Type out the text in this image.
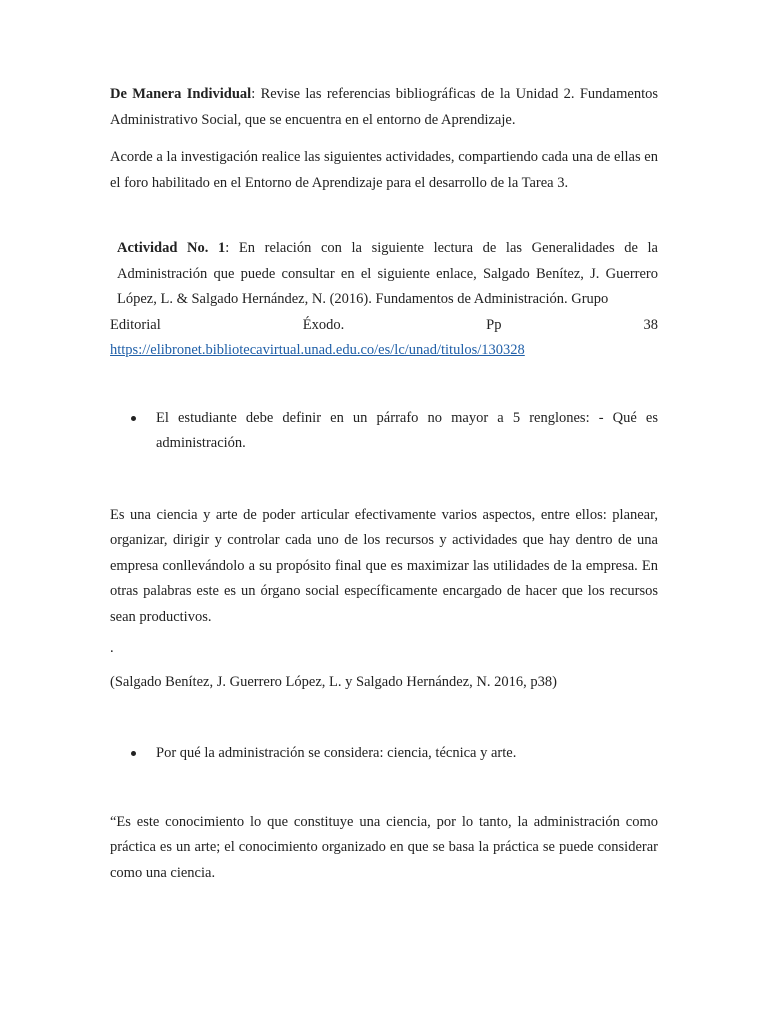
De Manera Individual: Revise las referencias bibliográficas de la Unidad 2. Fundamentos Administrativo Social, que se encuentra en el entorno de Aprendizaje.

Acorde a la investigación realice las siguientes actividades, compartiendo cada una de ellas en el foro habilitado en el Entorno de Aprendizaje para el desarrollo de la Tarea 3.

Actividad No. 1: En relación con la siguiente lectura de las Generalidades de la Administración que puede consultar en el siguiente enlace, Salgado Benítez, J. Guerrero López, L. & Salgado Hernández, N. (2016). Fundamentos de Administración. Grupo

Editorial	Éxodo.	Pp	38

https://elibronet.bibliotecavirtual.unad.edu.co/es/lc/unad/titulos/130328

El estudiante debe definir en un párrafo no mayor a 5 renglones: - Qué es administración.

Es una ciencia y arte de poder articular efectivamente varios aspectos, entre ellos: planear, organizar, dirigir y controlar cada uno de los recursos y actividades que hay dentro de una empresa conllevándolo a su propósito final que es maximizar las utilidades de la empresa. En otras palabras este es un órgano social específicamente encargado de hacer que los recursos sean productivos.

.

(Salgado Benítez, J. Guerrero López, L. y Salgado Hernández, N. 2016, p38)

Por qué la administración se considera: ciencia, técnica y arte.

“Es este conocimiento lo que constituye una ciencia, por lo tanto, la administración como práctica es un arte; el conocimiento organizado en que se basa la práctica se puede considerar como una ciencia.
